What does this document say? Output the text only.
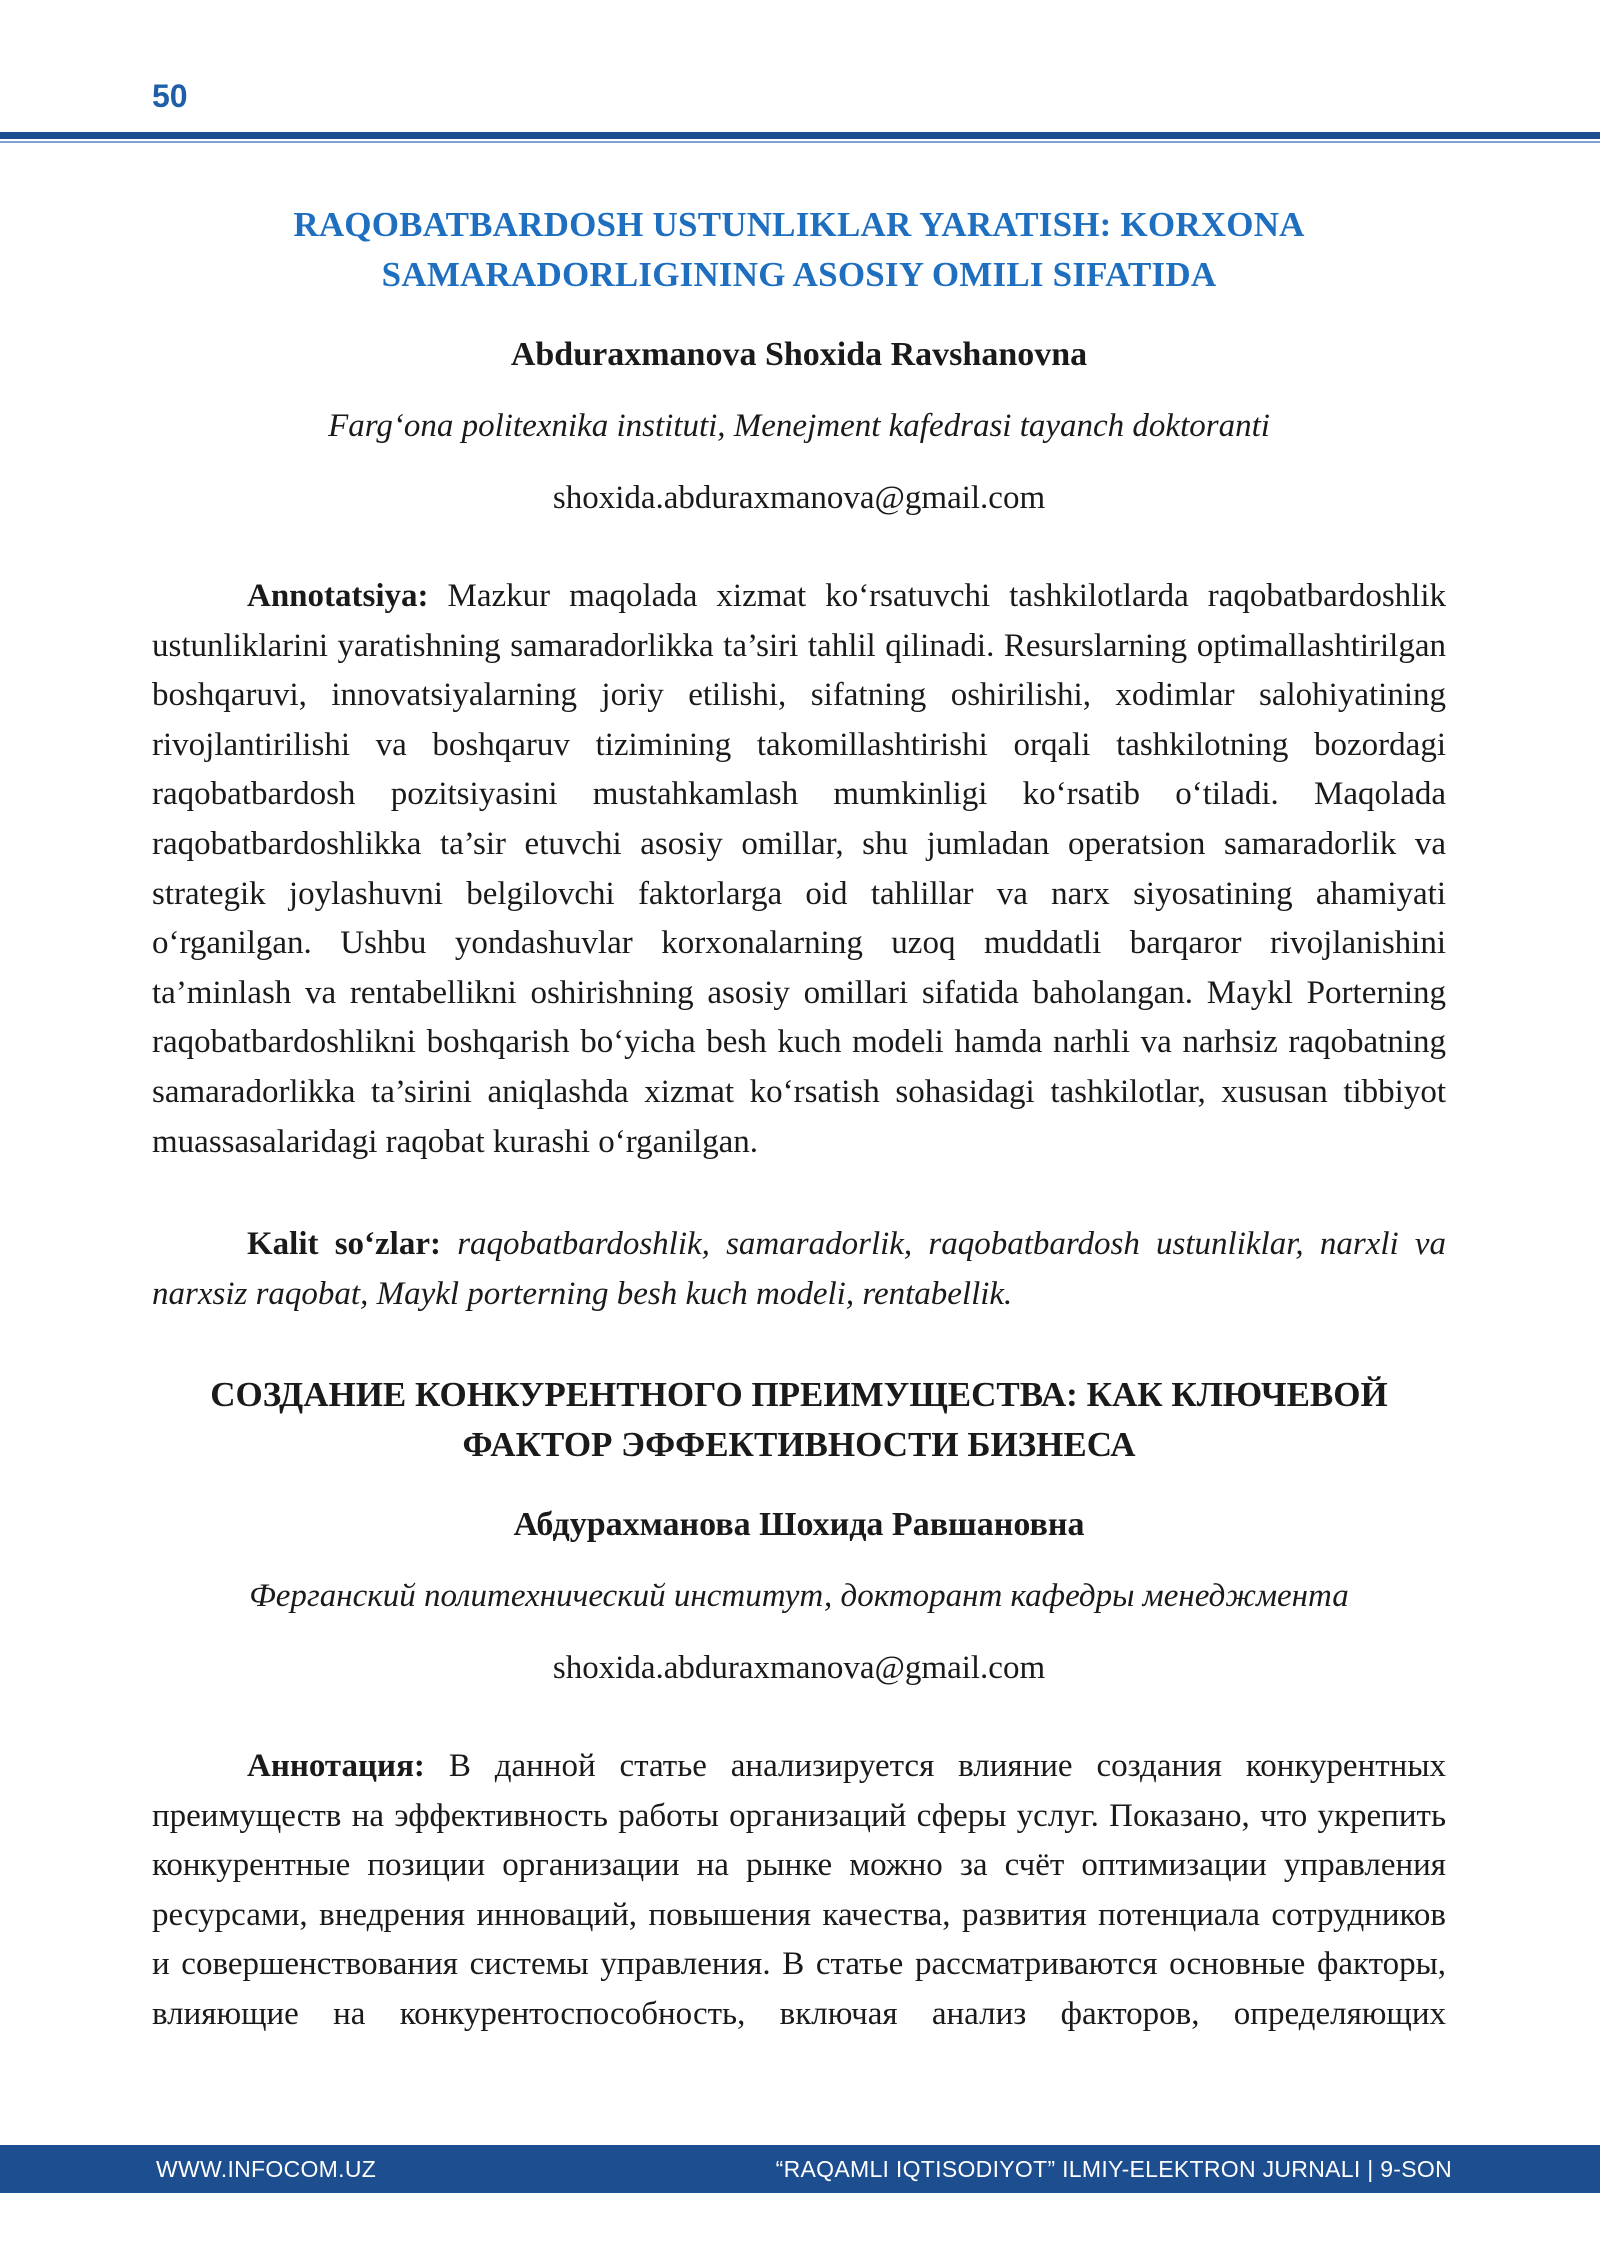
50
RAQOBATBARDOSH USTUNLIKLAR YARATISH: KORXONA SAMARADORLIGINING ASOSIY OMILI SIFATIDA
Abduraxmanova Shoxida Ravshanovna
Farg‘ona politexnika instituti, Menejment kafedrasi tayanch doktoranti
shoxida.abduraxmanova@gmail.com
Annotatsiya: Mazkur maqolada xizmat ko‘rsatuvchi tashkilotlarda raqobatbardoshlik ustunliklarini yaratishning samaradorlikka ta’siri tahlil qilinadi. Resurslarning optimallashtirilgan boshqaruvi, innovatsiyalarning joriy etilishi, sifatning oshirilishi, xodimlar salohiyatining rivojlantirilishi va boshqaruv tizimining takomillashtirishi orqali tashkilotning bozordagi raqobatbardosh pozitsiyasini mustahkamlash mumkinligi ko‘rsatib o‘tiladi. Maqolada raqobatbardoshlikka ta’sir etuvchi asosiy omillar, shu jumladan operatsion samaradorlik va strategik joylashuvni belgilovchi faktorlarga oid tahlillar va narx siyosatining ahamiyati o‘rganilgan. Ushbu yondashuvlar korxonalarning uzoq muddatli barqaror rivojlanishini ta’minlash va rentabellikni oshirishning asosiy omillari sifatida baholangan. Maykl Porterning raqobatbardoshlikni boshqarish bo‘yicha besh kuch modeli hamda narhli va narhsiz raqobatning samaradorlikka ta’sirini aniqlashda xizmat ko‘rsatish sohasidagi tashkilotlar, xususan tibbiyot muassasalaridagi raqobat kurashi o‘rganilgan.
Kalit so‘zlar: raqobatbardoshlik, samaradorlik, raqobatbardosh ustunliklar, narxli va narxsiz raqobat, Maykl porterning besh kuch modeli, rentabellik.
СОЗДАНИЕ КОНКУРЕНТНОГО ПРЕИМУЩЕСТВА: КАК КЛЮЧЕВОЙ ФАКТОР ЭФФЕКТИВНОСТИ БИЗНЕСА
Абдурахманова Шохида Равшановна
Ферганский политехнический институт, докторант кафедры менеджмента
shoxida.abduraxmanova@gmail.com
Аннотация: В данной статье анализируется влияние создания конкурентных преимуществ на эффективность работы организаций сферы услуг. Показано, что укрепить конкурентные позиции организации на рынке можно за счёт оптимизации управления ресурсами, внедрения инноваций, повышения качества, развития потенциала сотрудников и совершенствования системы управления. В статье рассматриваются основные факторы, влияющие на конкурентоспособность, включая анализ факторов, определяющих
WWW.INFOCOM.UZ	“RAQAMLI IQTISODIYOT” ILMIY-ELEKTRON JURNALI | 9-SON
